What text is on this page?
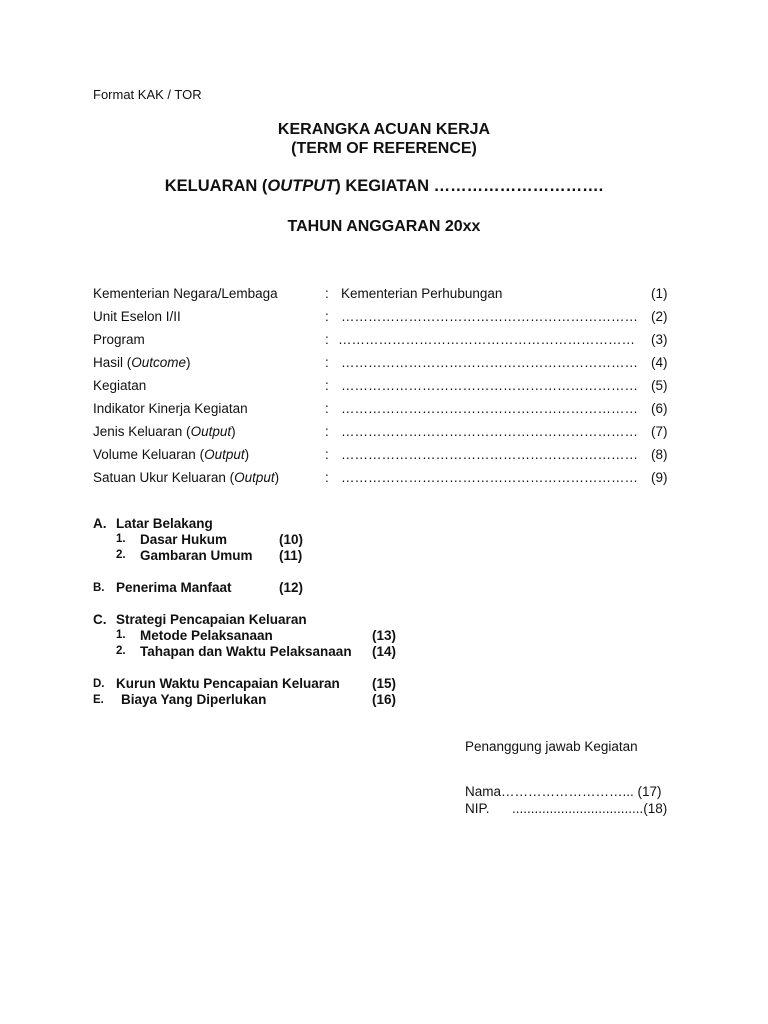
Format KAK / TOR
KERANGKA ACUAN KERJA
(TERM OF REFERENCE)
KELUARAN (OUTPUT) KEGIATAN ………………………….
TAHUN ANGGARAN 20xx
Kementerian Negara/Lembaga	: Kementerian Perhubungan	(1)
Unit Eselon I/II	: ………………………………………………………… (2)
Program	: ………………………………………………………… (3)
Hasil (Outcome)	: ………………………………………………………… (4)
Kegiatan	: ………………………………………………………… (5)
Indikator Kinerja Kegiatan	: ………………………………………………………… (6)
Jenis Keluaran (Output)	: ………………………………………………………… (7)
Volume Keluaran (Output)	: ………………………………………………………… (8)
Satuan Ukur Keluaran (Output)	: ………………………………………………………… (9)
A. Latar Belakang
1. Dasar Hukum	(10)
2. Gambaran Umum (11)
B. Penerima Manfaat	(12)
C. Strategi Pencapaian Keluaran
1. Metode Pelaksanaan	(13)
2. Tahapan dan Waktu Pelaksanaan (14)
D. Kurun Waktu Pencapaian Keluaran (15)
E. Biaya Yang Diperlukan	(16)
Penanggung jawab Kegiatan
Nama………………………... (17)
NIP. ...................................(18)
